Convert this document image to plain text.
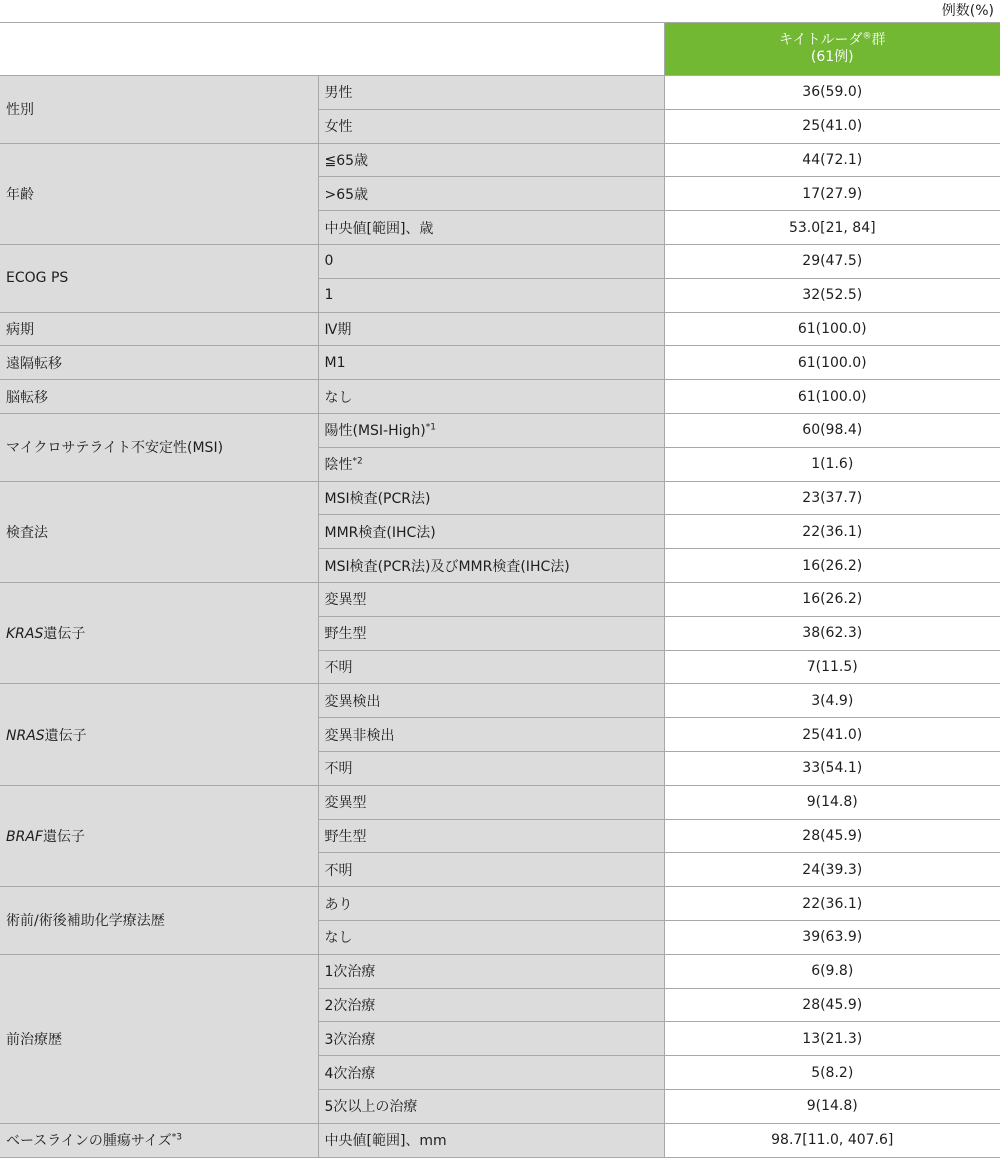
例数(%)
		キイトルーダ®群
(61例)
性別	男性	36(59.0)
	女性	25(41.0)
年齢	≦65歳	44(72.1)
	>65歳	17(27.9)
	中央値[範囲]、歳	53.0[21, 84]
ECOG PS	0	29(47.5)
	1	32(52.5)
病期	Ⅳ期	61(100.0)
遠隔転移	M1	61(100.0)
脳転移	なし	61(100.0)
マイクロサテライト不安定性(MSI)	陽性(MSI-High)$^{*1}$	60(98.4)
	陰性$^{*2}$	1(1.6)
検査法	MSI検査(PCR法)	23(37.7)
	MMR検査(IHC法)	22(36.1)
	MSI検査(PCR法)及びMMR検査(IHC法)	16(26.2)
KRAS遺伝子	変異型	16(26.2)
	野生型	38(62.3)
	不明	7(11.5)
NRAS遺伝子	変異検出	3(4.9)
	変異非検出	25(41.0)
	不明	33(54.1)
BRAF遺伝子	変異型	9(14.8)
	野生型	28(45.9)
	不明	24(39.3)
術前/術後補助化学療法歴	あり	22(36.1)
	なし	39(63.9)
前治療歴	1次治療	6(9.8)
	2次治療	28(45.9)
	3次治療	13(21.3)
	4次治療	5(8.2)
	5次以上の治療	9(14.8)
ベースラインの腫瘍サイズ$^{*3}$	中央値[範囲]、mm	98.7[11.0, 407.6]
